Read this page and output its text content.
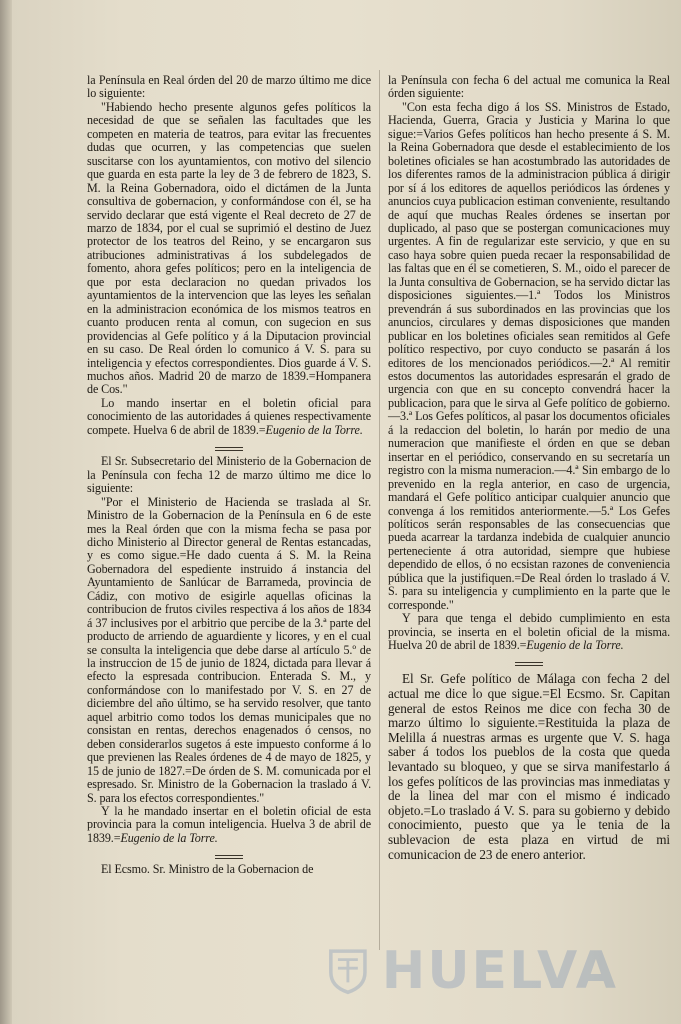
la Península en Real órden del 20 de marzo último me dice lo siguiente:

"Habiendo hecho presente algunos gefes políticos la necesidad de que se señalen las facultades que les competen en materia de teatros, para evitar las frecuentes dudas que ocurren, y las competencias que suelen suscitarse con los ayuntamientos, con motivo del silencio que guarda en esta parte la ley de 3 de febrero de 1823, S. M. la Reina Gobernadora, oido el dictámen de la Junta consultiva de gobernacion, y conformándose con él, se ha servido declarar que está vigente el Real decreto de 27 de marzo de 1834, por el cual se suprimió el destino de Juez protector de los teatros del Reino, y se encargaron sus atribuciones administrativas á los subdelegados de fomento, ahora gefes políticos; pero en la inteligencia de que por esta declaracion no quedan privados los ayuntamientos de la intervencion que las leyes les señalan en la administracion económica de los mismos teatros en cuanto producen renta al comun, con sugecion en sus providencias al Gefe político y á la Diputacion provincial en su caso. De Real órden lo comunico á V. S. para su inteligencia y efectos correspondientes. Dios guarde á V. S. muchos años. Madrid 20 de marzo de 1839.=Hompanera de Cos."

Lo mando insertar en el boletin oficial para conocimiento de las autoridades á quienes respectivamente compete. Huelva 6 de abril de 1839.=Eugenio de la Torre.

El Sr. Subsecretario del Ministerio de la Gobernacion de la Península con fecha 12 de marzo último me dice lo siguiente:

"Por el Ministerio de Hacienda se traslada al Sr. Ministro de la Gobernacion de la Península en 6 de este mes la Real órden que con la misma fecha se pasa por dicho Ministerio al Director general de Rentas estancadas, y es como sigue.=He dado cuenta á S. M. la Reina Gobernadora del espediente instruido á instancia del Ayuntamiento de Sanlúcar de Barrameda, provincia de Cádiz, con motivo de esigirle aquellas oficinas la contribucion de frutos civiles respectiva á los años de 1834 á 37 inclusives por el arbitrio que percibe de la 3.ª parte del producto de arriendo de aguardiente y licores, y en el cual se consulta la inteligencia que debe darse al artículo 5.º de la instruccion de 15 de junio de 1824, dictada para llevar á efecto la espresada contribucion. Enterada S. M., y conformándose con lo manifestado por V. S. en 27 de diciembre del año último, se ha servido resolver, que tanto aquel arbitrio como todos los demas municipales que no consistan en rentas, derechos enagenados ó censos, no deben considerarlos sugetos á este impuesto conforme á lo que previenen las Reales órdenes de 4 de mayo de 1825, y 15 de junio de 1827.=De órden de S. M. comunicada por el espresado. Sr. Ministro de la Gobernacion la traslado á V. S. para los efectos correspondientes."

Y la he mandado insertar en el boletin oficial de esta provincia para la comun inteligencia. Huelva 3 de abril de 1839.=Eugenio de la Torre.

El Ecsmo. Sr. Ministro de la Gobernacion de

la Península con fecha 6 del actual me comunica la Real órden siguiente:

"Con esta fecha digo á los SS. Ministros de Estado, Hacienda, Guerra, Gracia y Justicia y Marina lo que sigue:=Varios Gefes políticos han hecho presente á S. M. la Reina Gobernadora que desde el establecimiento de los boletines oficiales se han acostumbrado las autoridades de los diferentes ramos de la administracion pública á dirigir por sí á los editores de aquellos periódicos las órdenes y anuncios cuya publicacion estiman conveniente, resultando de aquí que muchas Reales órdenes se insertan por duplicado, al paso que se postergan comunicaciones muy urgentes. A fin de regularizar este servicio, y que en su caso haya sobre quien pueda recaer la responsabilidad de las faltas que en él se cometieren, S. M., oido el parecer de la Junta consultiva de Gobernacion, se ha servido dictar las disposiciones siguientes.—1.ª Todos los Ministros prevendrán á sus subordinados en las provincias que los anuncios, circulares y demas disposiciones que manden publicar en los boletines oficiales sean remitidos al Gefe político respectivo, por cuyo conducto se pasarán á los editores de los mencionados periódicos.—2.ª Al remitir estos documentos las autoridades espresarán el grado de urgencia con que en su concepto convendrá hacer la publicacion, para que le sirva al Gefe político de gobierno.—3.ª Los Gefes políticos, al pasar los documentos oficiales á la redaccion del boletin, lo harán por medio de una numeracion que manifieste el órden en que se deban insertar en el periódico, conservando en su secretaría un registro con la misma numeracion.—4.ª Sin embargo de lo prevenido en la regla anterior, en caso de urgencia, mandará el Gefe político anticipar cualquier anuncio que convenga á los remitidos anteriormente.—5.ª Los Gefes políticos serán responsables de las consecuencias que pueda acarrear la tardanza indebida de cualquier anuncio perteneciente á otra autoridad, siempre que hubiese dependido de ellos, ó no ecsistan razones de conveniencia pública que la justifiquen.=De Real órden lo traslado á V. S. para su inteligencia y cumplimiento en la parte que le corresponde."

Y para que tenga el debido cumplimiento en esta provincia, se inserta en el boletin oficial de la misma. Huelva 20 de abril de 1839.=Eugenio de la Torre.

El Sr. Gefe político de Málaga con fecha 2 del actual me dice lo que sigue.=El Ecsmo. Sr. Capitan general de estos Reinos me dice con fecha 30 de marzo último lo siguiente.=Restituida la plaza de Melilla á nuestras armas es urgente que V. S. haga saber á todos los pueblos de la costa que queda levantado su bloqueo, y que se sirva manifestarlo á los gefes políticos de las provincias mas inmediatas y de la linea del mar con el mismo é indicado objeto.=Lo traslado á V. S. para su gobierno y debido conocimiento, puesto que ya le tenia de la sublevacion de esta plaza en virtud de mi comunicacion de 23 de enero anterior.

HUELVA
